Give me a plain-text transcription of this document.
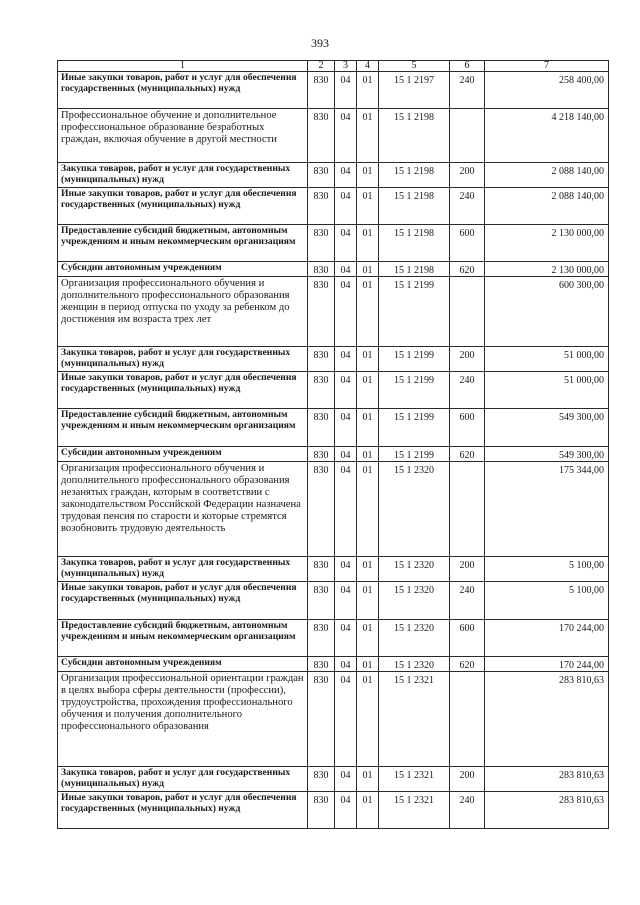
393
1	2	3	4	5	6	7
Иные закупки товаров, работ и услуг для обеспечения государственных (муниципальных) нужд	830	04	01	15 1 2197	240	258 400,00
Профессиональное обучение и дополнительное профессиональное образование безработных граждан, включая обучение в другой местности	830	04	01	15 1 2198		4 218 140,00
Закупка товаров, работ и услуг для государственных (муниципальных) нужд	830	04	01	15 1 2198	200	2 088 140,00
Иные закупки товаров, работ и услуг для обеспечения государственных (муниципальных) нужд	830	04	01	15 1 2198	240	2 088 140,00
Предоставление субсидий бюджетным, автономным учреждениям и иным некоммерческим организациям	830	04	01	15 1 2198	600	2 130 000,00
Субсидии автономным учреждениям	830	04	01	15 1 2198	620	2 130 000,00
Организация профессионального обучения и дополнительного профессионального образования женщин в период отпуска по уходу за ребенком до достижения им возраста трех лет	830	04	01	15 1 2199		600 300,00
Закупка товаров, работ и услуг для государственных (муниципальных) нужд	830	04	01	15 1 2199	200	51 000,00
Иные закупки товаров, работ и услуг для обеспечения государственных (муниципальных) нужд	830	04	01	15 1 2199	240	51 000,00
Предоставление субсидий бюджетным, автономным учреждениям и иным некоммерческим организациям	830	04	01	15 1 2199	600	549 300,00
Субсидии автономным учреждениям	830	04	01	15 1 2199	620	549 300,00
Организация профессионального обучения и дополнительного профессионального образования незанятых граждан, которым в соответствии с законодательством Российской Федерации назначена трудовая пенсия по старости и которые стремятся возобновить трудовую деятельность	830	04	01	15 1 2320		175 344,00
Закупка товаров, работ и услуг для государственных (муниципальных) нужд	830	04	01	15 1 2320	200	5 100,00
Иные закупки товаров, работ и услуг для обеспечения государственных (муниципальных) нужд	830	04	01	15 1 2320	240	5 100,00
Предоставление субсидий бюджетным, автономным учреждениям и иным некоммерческим организациям	830	04	01	15 1 2320	600	170 244,00
Субсидии автономным учреждениям	830	04	01	15 1 2320	620	170 244,00
Организация профессиональной ориентации граждан в целях выбора сферы деятельности (профессии), трудоустройства, прохождения профессионального обучения и получения дополнительного профессионального образования	830	04	01	15 1 2321		283 810,63
Закупка товаров, работ и услуг для государственных (муниципальных) нужд	830	04	01	15 1 2321	200	283 810,63
Иные закупки товаров, работ и услуг для обеспечения государственных (муниципальных) нужд	830	04	01	15 1 2321	240	283 810,63
